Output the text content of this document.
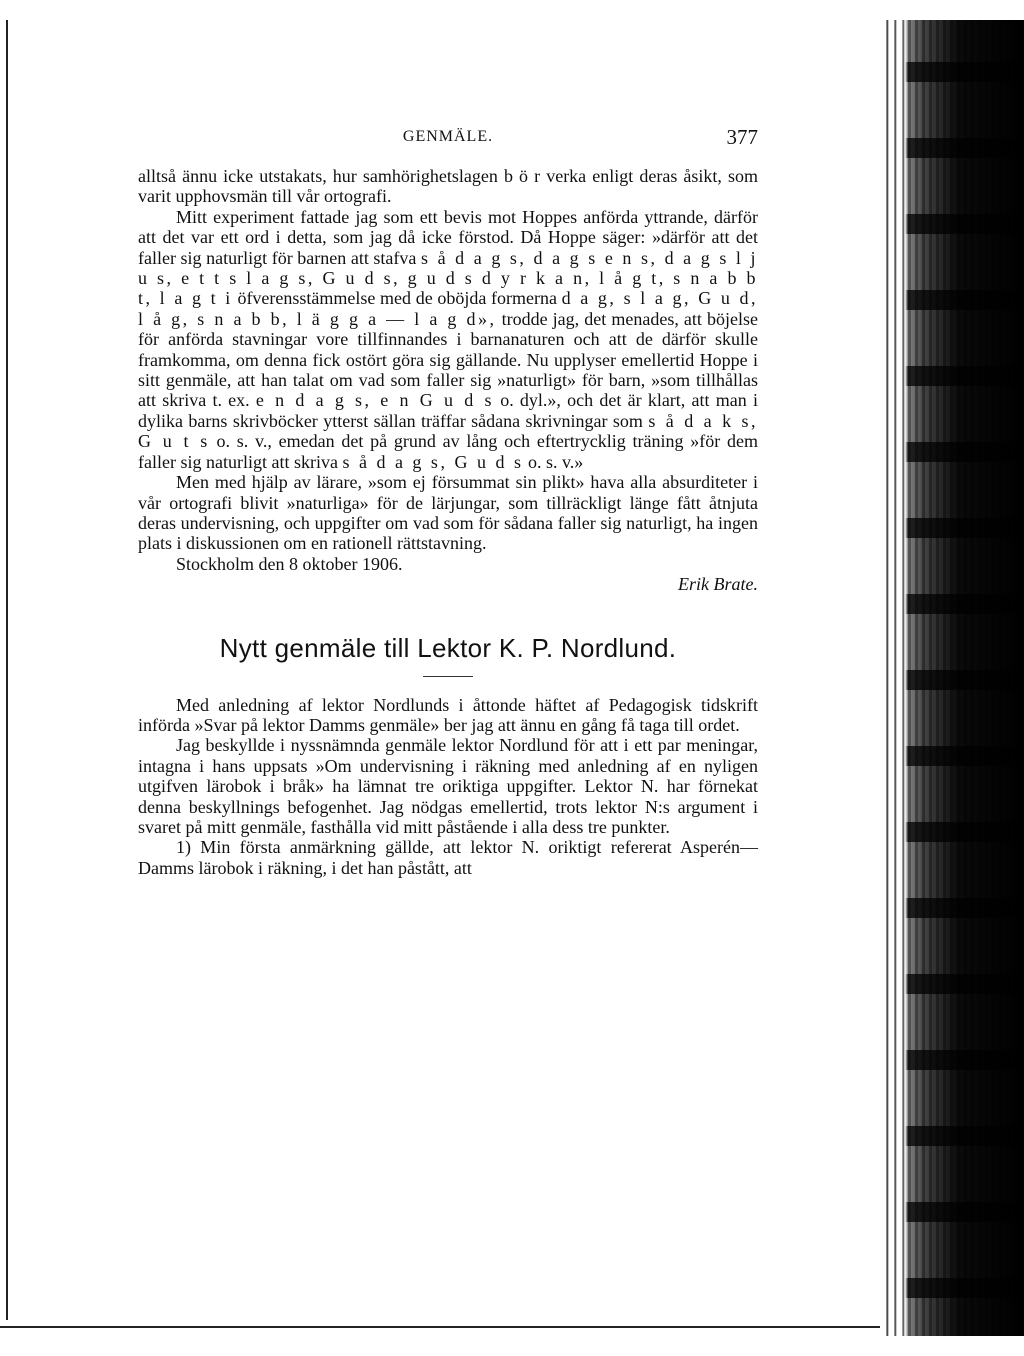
GENMÄLE.	377

alltså ännu icke utstakats, hur samhörighetslagen b ö r verka enligt deras åsikt, som varit upphovsmän till vår ortografi.

Mitt experiment fattade jag som ett bevis mot Hoppes anförda yttrande, därför att det var ett ord i detta, som jag då icke förstod. Då Hoppe säger: »därför att det faller sig naturligt för barnen att stafva s å d a g s, d a g s e n s, d a g s l j u s, e t t s l a g s, G u d s, g u d s d y r k a n, l å g t, s n a b b t, l a g t i öfverensstämmelse med de oböjda formerna d a g, s l a g, G u d, l å g, s n a b b, l ä g g a — l a g d», trodde jag, det menades, att böjelse för anförda stavningar vore tillfinnandes i barnanaturen och att de därför skulle framkomma, om denna fick ostört göra sig gällande. Nu upplyser emellertid Hoppe i sitt genmäle, att han talat om vad som faller sig »naturligt» för barn, »som tillhållas att skriva t. ex. e n d a g s, e n G u d s o. dyl.», och det är klart, att man i dylika barns skrivböcker ytterst sällan träffar sådana skrivningar som s å d a k s, G u t s o. s. v., emedan det på grund av lång och eftertrycklig träning »för dem faller sig naturligt att skriva s å d a g s, G u d s o. s. v.»

Men med hjälp av lärare, »som ej försummat sin plikt» hava alla absurditeter i vår ortografi blivit »naturliga» för de lärjungar, som tillräckligt länge fått åtnjuta deras undervisning, och uppgifter om vad som för sådana faller sig naturligt, ha ingen plats i diskussionen om en rationell rättstavning.

Stockholm den 8 oktober 1906.

Erik Brate.

Nytt genmäle till Lektor K. P. Nordlund.

Med anledning af lektor Nordlunds i åttonde häftet af Pedagogisk tidskrift införda »Svar på lektor Damms genmäle» ber jag att ännu en gång få taga till ordet.

Jag beskyllde i nyssnämnda genmäle lektor Nordlund för att i ett par meningar, intagna i hans uppsats »Om undervisning i räkning med anledning af en nyligen utgifven lärobok i bråk» ha lämnat tre oriktiga uppgifter. Lektor N. har förnekat denna beskyllnings befogenhet. Jag nödgas emellertid, trots lektor N:s argument i svaret på mitt genmäle, fasthålla vid mitt påstående i alla dess tre punkter.

1) Min första anmärkning gällde, att lektor N. oriktigt refererat Asperén—Damms lärobok i räkning, i det han påstått, att
